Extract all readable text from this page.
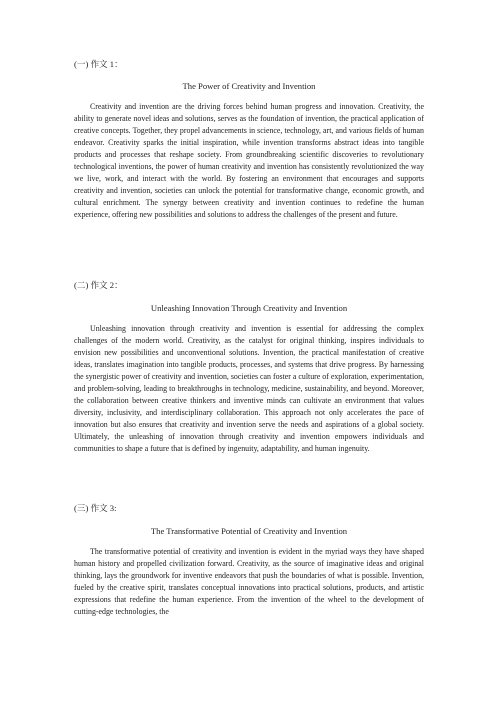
(一) 作文 1：
The Power of Creativity and Invention

Creativity and invention are the driving forces behind human progress and innovation. Creativity, the ability to generate novel ideas and solutions, serves as the foundation of invention, the practical application of creative concepts. Together, they propel advancements in science, technology, art, and various fields of human endeavor. Creativity sparks the initial inspiration, while invention transforms abstract ideas into tangible products and processes that reshape society. From groundbreaking scientific discoveries to revolutionary technological inventions, the power of human creativity and invention has consistently revolutionized the way we live, work, and interact with the world. By fostering an environment that encourages and supports creativity and invention, societies can unlock the potential for transformative change, economic growth, and cultural enrichment. The synergy between creativity and invention continues to redefine the human experience, offering new possibilities and solutions to address the challenges of the present and future.

(二) 作文 2：
Unleashing Innovation Through Creativity and Invention

Unleashing innovation through creativity and invention is essential for addressing the complex challenges of the modern world. Creativity, as the catalyst for original thinking, inspires individuals to envision new possibilities and unconventional solutions. Invention, the practical manifestation of creative ideas, translates imagination into tangible products, processes, and systems that drive progress. By harnessing the synergistic power of creativity and invention, societies can foster a culture of exploration, experimentation, and problem-solving, leading to breakthroughs in technology, medicine, sustainability, and beyond. Moreover, the collaboration between creative thinkers and inventive minds can cultivate an environment that values diversity, inclusivity, and interdisciplinary collaboration. This approach not only accelerates the pace of innovation but also ensures that creativity and invention serve the needs and aspirations of a global society. Ultimately, the unleashing of innovation through creativity and invention empowers individuals and communities to shape a future that is defined by ingenuity, adaptability, and human ingenuity.

(三) 作文 3:
The Transformative Potential of Creativity and Invention

The transformative potential of creativity and invention is evident in the myriad ways they have shaped human history and propelled civilization forward. Creativity, as the source of imaginative ideas and original thinking, lays the groundwork for inventive endeavors that push the boundaries of what is possible. Invention, fueled by the creative spirit, translates conceptual innovations into practical solutions, products, and artistic expressions that redefine the human experience. From the invention of the wheel to the development of cutting-edge technologies, the
